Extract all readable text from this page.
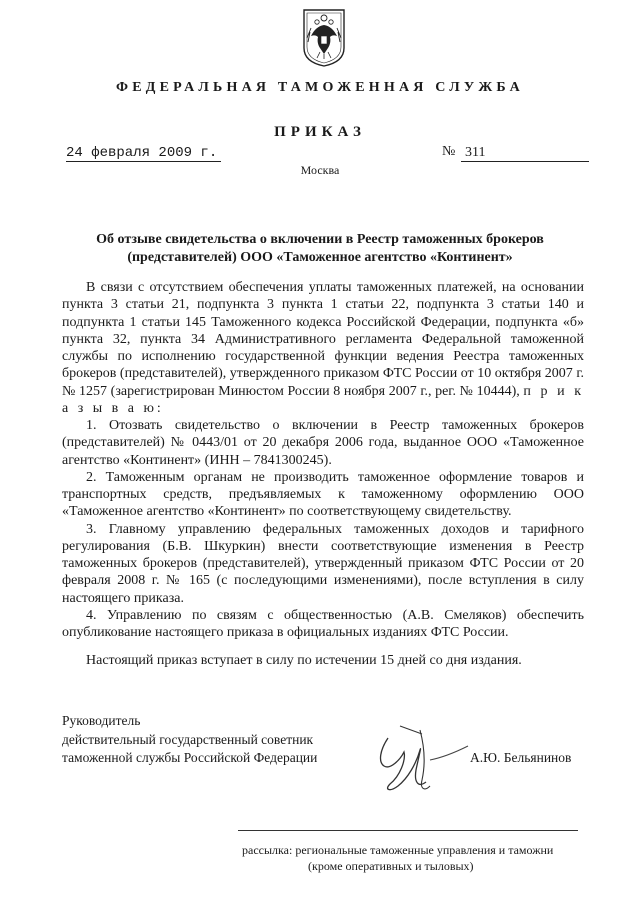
ФЕДЕРАЛЬНАЯ ТАМОЖЕННАЯ СЛУЖБА
ПРИКАЗ
24 февраля 2009 г.	№ 311
Москва
Об отзыве свидетельства о включении в Реестр таможенных брокеров (представителей) ООО «Таможенное агентство «Континент»

В связи с отсутствием обеспечения уплаты таможенных платежей, на основании пункта 3 статьи 21, подпункта 3 пункта 1 статьи 22, подпункта 3 статьи 140 и подпункта 1 статьи 145 Таможенного кодекса Российской Федерации, подпункта «б» пункта 32, пункта 34 Административного регламента Федеральной таможенной службы по исполнению государственной функции ведения Реестра таможенных брокеров (представителей), утвержденного приказом ФТС России от 10 октября 2007 г. № 1257 (зарегистрирован Минюстом России 8 ноября 2007 г., рег. № 10444), п р и к а з ы в а ю:

1. Отозвать свидетельство о включении в Реестр таможенных брокеров (представителей) № 0443/01 от 20 декабря 2006 года, выданное ООО «Таможенное агентство «Континент» (ИНН – 7841300245).

2. Таможенным органам не производить таможенное оформление товаров и транспортных средств, предъявляемых к таможенному оформлению ООО «Таможенное агентство «Континент» по соответствующему свидетельству.

3. Главному управлению федеральных таможенных доходов и тарифного регулирования (Б.В. Шкуркин) внести соответствующие изменения в Реестр таможенных брокеров (представителей), утвержденный приказом ФТС России от 20 февраля 2008 г. № 165 (с последующими изменениями), после вступления в силу настоящего приказа.

4. Управлению по связям с общественностью (А.В. Смеляков) обеспечить опубликование настоящего приказа в официальных изданиях ФТС России.

Настоящий приказ вступает в силу по истечении 15 дней со дня издания.

Руководитель
действительный государственный советник
таможенной службы Российской Федерации	А.Ю. Бельянинов
рассылка: региональные таможенные управления и таможни
(кроме оперативных и тыловых)
